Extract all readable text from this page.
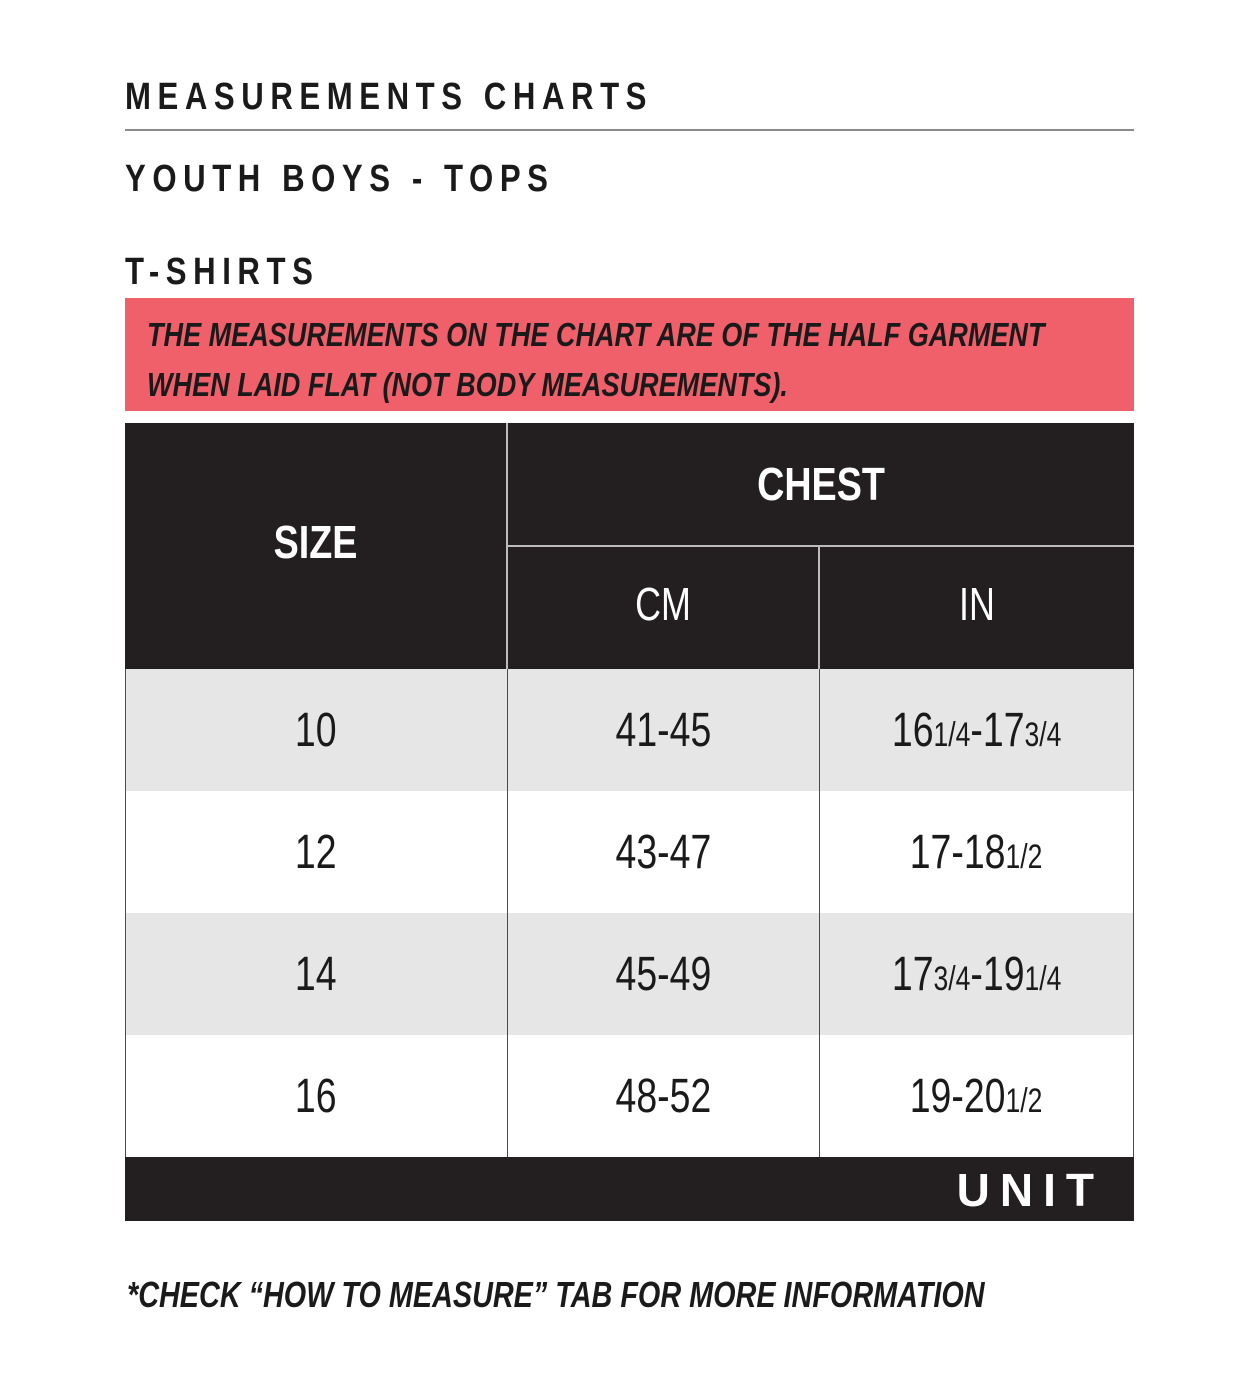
MEASUREMENTS CHARTS
YOUTH BOYS - TOPS
T-SHIRTS
THE MEASUREMENTS ON THE CHART ARE OF THE HALF GARMENT WHEN LAID FLAT (NOT BODY MEASUREMENTS).
SIZE
CHEST
CM	IN
10	41-45	161/4-173/4
12	43-47	17-181/2
14	45-49	173/4-191/4
16	48-52	19-201/2
UNIT
*CHECK “HOW TO MEASURE” TAB FOR MORE INFORMATION
